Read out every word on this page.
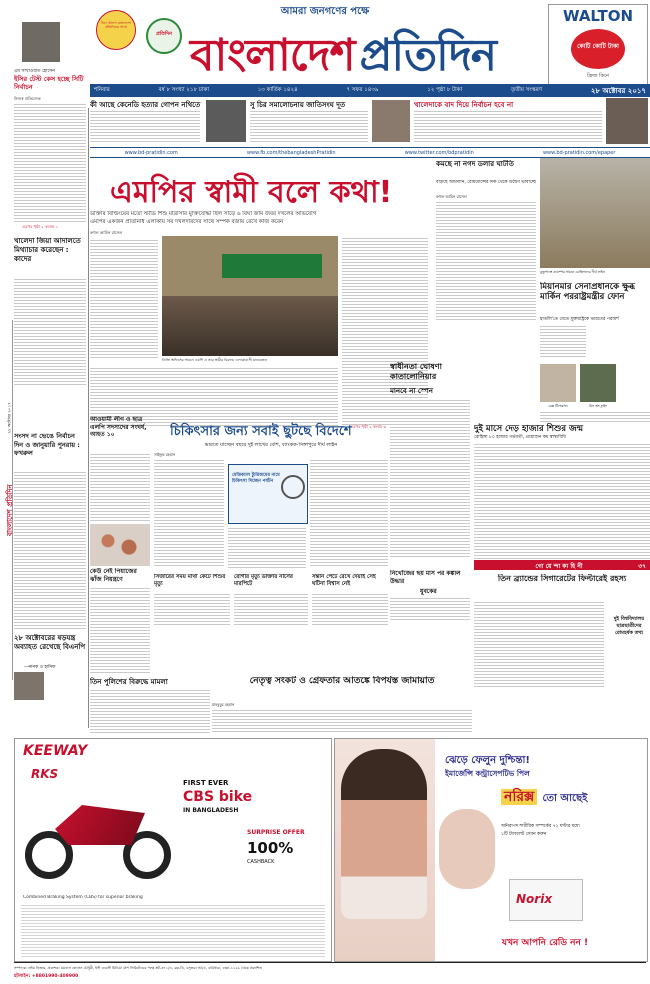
বাংলাদেশ প্রতিদিন
২৮ অক্টোবর ২০১৭
ঈদে আনন্দ বাংলাদেশ প্রতিদিনের সাথে
প্রতিদিন
আমরা জনগণের পক্ষে
বাংলাদেশ প্রতিদিন
WALTON
কোটি কোটি টাকা
ফ্রিজ কিনে
শনিবার	বর্ষ ৮ সংখ্যা ২১৮ ঢাকা	১৩ কার্তিক ১৪২৪	৭ সফর ১৪৩৯	১২ পৃষ্ঠা ৮ টাকা	তৃতীয় সংস্করণ	২৮ অক্টোবর ২০১৭
এম সাখাওয়াত হোসেন
ইসির টেস্ট কেস হচ্ছে সিটি নির্বাচন
নিজস্ব প্রতিবেদক
এরপর পৃষ্ঠা ২ কলাম ১
খালেদা জিয়া আদালতে মিথ্যাচার করেছেন : কাদের
সংসদ না ভেঙে নির্বাচন দিন ও জানুয়ারি পুনরায় : ফখরুল
২৮ অক্টোবরের ষড়যন্ত্র অব্যাহত রেখেছে বিএনপি
—নানক ও হানিফ
কী আছে কেনেডি হত্যার গোপন নথিতে	সু চির সমালোচনায় জাতিসংঘ দূত	খালেদাকে বাদ দিয়ে নির্বাচন হবে না
www.bd-pratidin.com	www.fb.com/thebangladeshPratidin	www.twitter.com/bdpratidin	www.bd-pratidin.com/epaper
এমপির স্বামী বলে কথা!
ডাক্তার বিল্ডিংয়ের মতো স্টাডি শিশু মাদ্রাসার মুক্তিযোদ্ধা ছিল সাড়ে ৬ বিঘা জমি জবর দখলের অভিযোগ
এমপির একজন প্রতিনিধি এলাকায় সব দখলদারদের সাথে সম্পর্ক বজায় রেখে কাজ করেন
রুহুল আমিন রাসেল
ডিজি অফিসের সামনে এমপি ও তার স্বামীর বিরুদ্ধে এলাকাবাসী মানববন্ধন
এরপর পৃষ্ঠা ২ কলাম ৬
কমছে না নগদ ডলার ঘাটতি
বাড়ছে আমদানি, রেমিট্যান্সের দিক থেকে উদ্বেগ ভাবাচ্ছে
রুহুল আমিন রাসেল
কুতুপালং ক্যাম্পের সামনে রোহিঙ্গাদের দীর্ঘ লাইন
মিয়ানমার সেনাপ্রধানকে ক্ষুব্ধ মার্কিন পররাষ্ট্রমন্ত্রীর ফোন
হাতলি'তে যেতে যুক্তরাষ্ট্রকে ভারতের পরামর্শ
রেক্স টিলারসন	মিন অং হ্লাইং
আওয়ামী লীগ ও ছাত্র এলপি সদস্যদের সংঘর্ষ, আহত ১০
কেউ নেই পিয়াজের ঝাঁজ নিয়ন্ত্রণে
চিকিৎসার জন্য সবাই ছুটছে বিদেশে
ভারতে যাচ্ছেন বছরে দুই লাখের বেশি, ব্যাংকক-সিঙ্গাপুরে দীর্ঘ লাইন
সাইফুর রহমান
মেডিক্যাল ট্যুরিজমের নামে চিকিৎসা দিচ্ছেন পর্যটন
সিজারের সময় মাথা কেটে শিশুর মৃত্যু
রোগীর মৃত্যু ডাক্তার নার্সের মারপিটে
সন্তান পেটে রেখে দেয়াই সেই ঘটিনা বিশ্বাস নেই
স্বাধীনতা ঘোষণা কাতালোনিয়ার
মানবে না স্পেন
নিখোঁজের ছয় মাস পর কঙ্কাল উদ্ধার
যুবকের
দুই মাসে দেড় হাজার শিশুর জন্ম
রোহিঙ্গা ৮০ হাজার গর্ভবতী, প্রয়োজন কম স্বাস্থ্যবিধি
গো য়ে ন্দা কা হি নী	৩৭
তিন ব্র্যান্ডের সিগারেটের ফিল্টারেই রহস্য
দুই বিশ্ববিদ্যালয় ছাত্রছাত্রীদের রোমহর্ষক তথ্য
তিন পুলিশের বিরুদ্ধে মামলা	নেতৃত্ব সংকট ও গ্রেফতার আতঙ্কে বিপর্যস্ত জামায়াত
মাহবুবুর রহমান
KEEWAY
RKS
FIRST EVER
CBS bike
IN BANGLADESH
SURPRISE OFFER
100%
CASHBACK
Combined Braking System (CBS) for superior braking
ঝেড়ে ফেলুন দুশ্চিন্তা!
ইমার্জেন্সি কন্ট্রাসেপটিভ পিল
নরিক্স তো আছেই
অনিরাপদ শারীরিক সম্পর্কের ৭২ ঘণ্টার মধ্যে
১টি ট্যাবলেট সেবন করুন
Norix
যখন আপনি রেডি নন !
সম্পাদক: নঈম নিজাম, প্রকাশক: ময়নাল হোসেন চৌধুরী, ইস্ট ওয়েস্ট মিডিয়া গ্রুপ লিমিটেডের পক্ষে প্লট-৩৭১/এ, ব্লক-ডি, বসুন্ধরা আ/এ, বারিধারা, ঢাকা-১২২৯ থেকে প্রকাশিত
হটলাইন: +8801990-409900
